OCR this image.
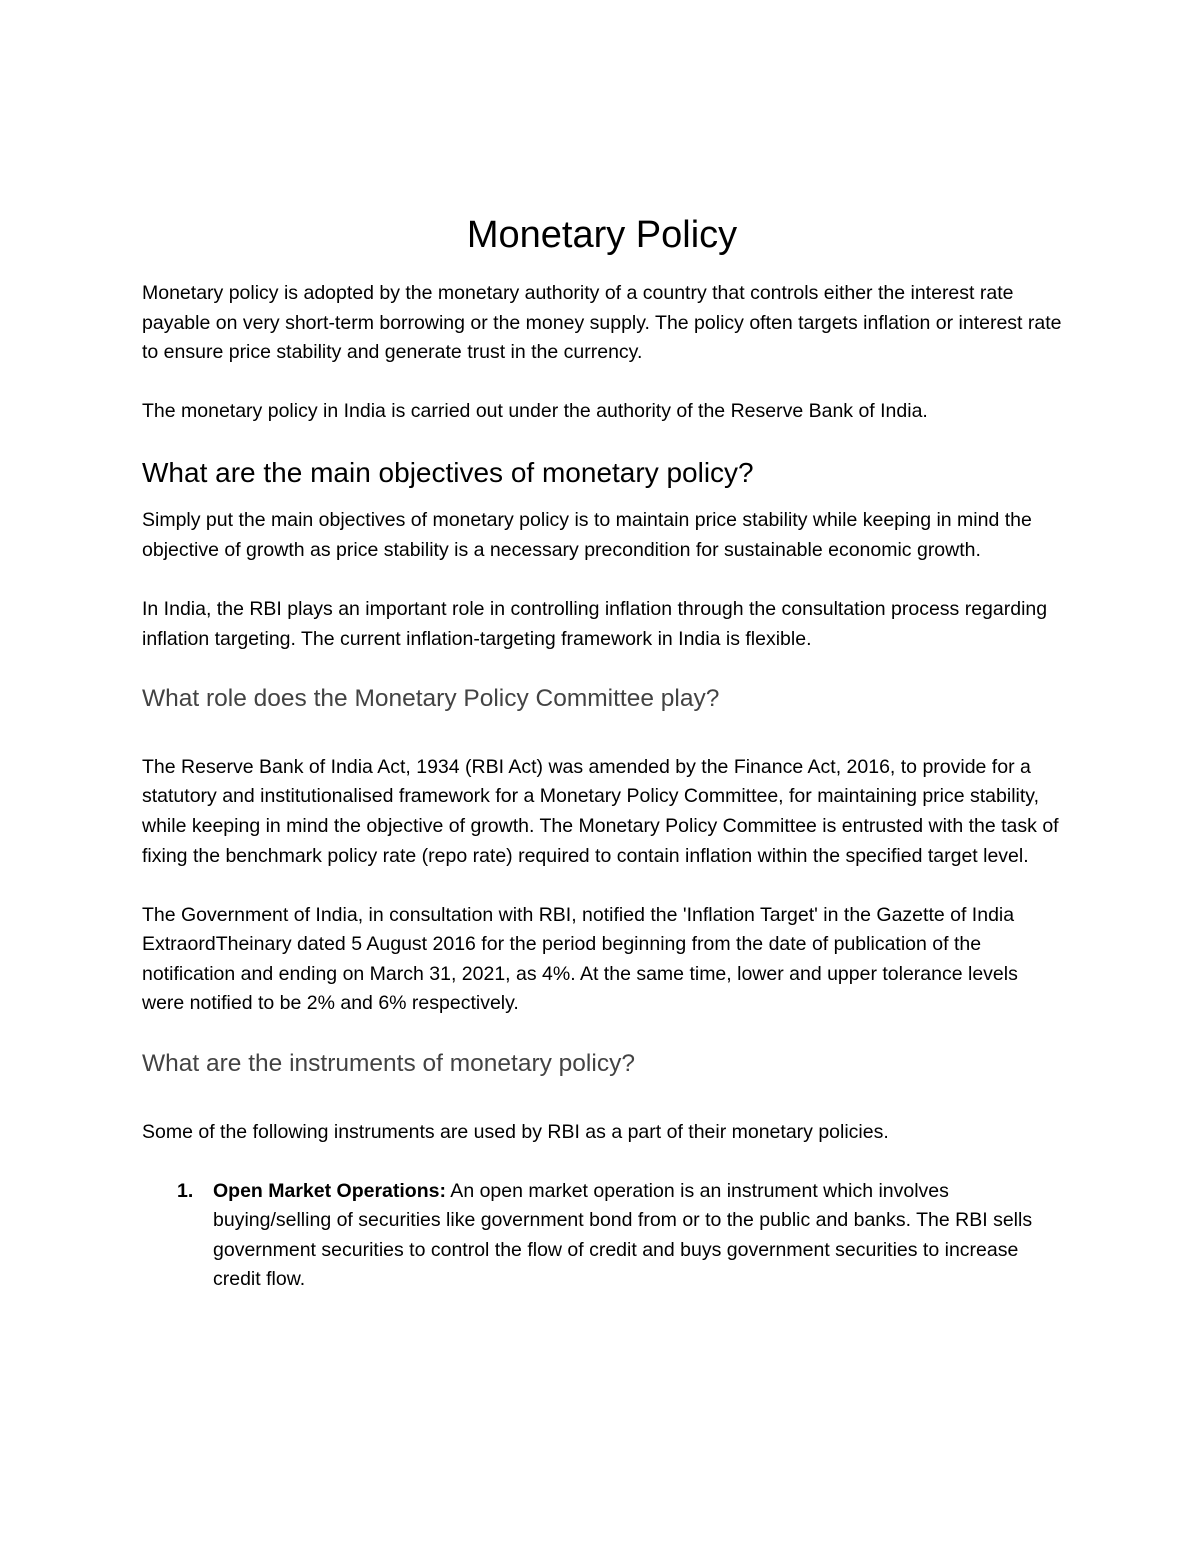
Monetary Policy

Monetary policy is adopted by the monetary authority of a country that controls either the interest rate payable on very short-term borrowing or the money supply. The policy often targets inflation or interest rate to ensure price stability and generate trust in the currency.

The monetary policy in India is carried out under the authority of the Reserve Bank of India.

What are the main objectives of monetary policy?

Simply put the main objectives of monetary policy is to maintain price stability while keeping in mind the objective of growth as price stability is a necessary precondition for sustainable economic growth.

In India, the RBI plays an important role in controlling inflation through the consultation process regarding inflation targeting. The current inflation-targeting framework in India is flexible.

What role does the Monetary Policy Committee play?

The Reserve Bank of India Act, 1934 (RBI Act) was amended by the Finance Act, 2016, to provide for a statutory and institutionalised framework for a Monetary Policy Committee, for maintaining price stability, while keeping in mind the objective of growth. The Monetary Policy Committee is entrusted with the task of fixing the benchmark policy rate (repo rate) required to contain inflation within the specified target level.

The Government of India, in consultation with RBI, notified the 'Inflation Target' in the Gazette of India ExtraordTheinary dated 5 August 2016 for the period beginning from the date of publication of the notification and ending on March 31, 2021, as 4%. At the same time, lower and upper tolerance levels were notified to be 2% and 6% respectively.

What are the instruments of monetary policy?

Some of the following instruments are used by RBI as a part of their monetary policies.

1. Open Market Operations: An open market operation is an instrument which involves buying/selling of securities like government bond from or to the public and banks. The RBI sells government securities to control the flow of credit and buys government securities to increase credit flow.
